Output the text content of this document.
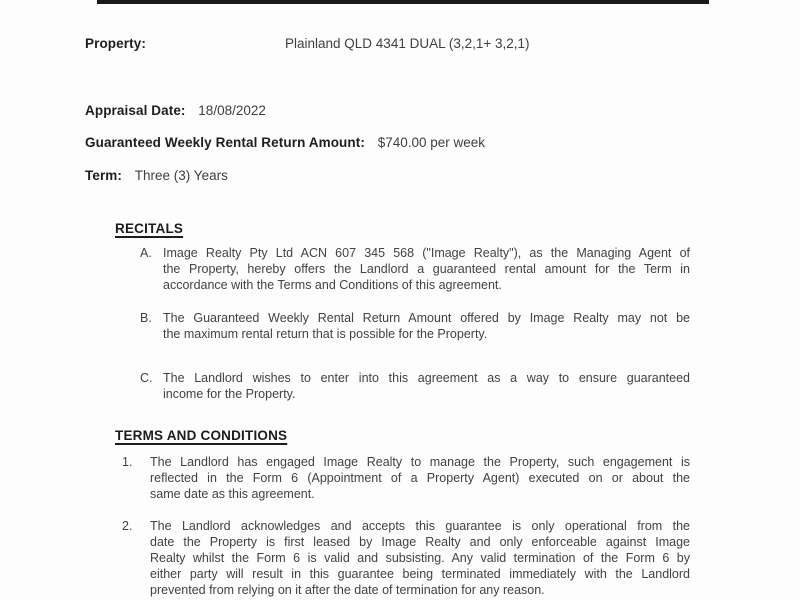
Property:	Plainland QLD 4341 DUAL (3,2,1+ 3,2,1)
Appraisal Date: 18/08/2022
Guaranteed Weekly Rental Return Amount: $740.00 per week
Term: Three (3) Years
RECITALS
A. Image Realty Pty Ltd ACN 607 345 568 ("Image Realty"), as the Managing Agent of
the Property, hereby offers the Landlord a guaranteed rental amount for the Term in
accordance with the Terms and Conditions of this agreement.
B. The Guaranteed Weekly Rental Return Amount offered by Image Realty may not be
the maximum rental return that is possible for the Property.
C. The Landlord wishes to enter into this agreement as a way to ensure guaranteed
income for the Property.
TERMS AND CONDITIONS
1. The Landlord has engaged Image Realty to manage the Property, such engagement is
reflected in the Form 6 (Appointment of a Property Agent) executed on or about the
same date as this agreement.
2. The Landlord acknowledges and accepts this guarantee is only operational from the
date the Property is first leased by Image Realty and only enforceable against Image
Realty whilst the Form 6 is valid and subsisting. Any valid termination of the Form 6 by
either party will result in this guarantee being terminated immediately with the Landlord
prevented from relying on it after the date of termination for any reason.
